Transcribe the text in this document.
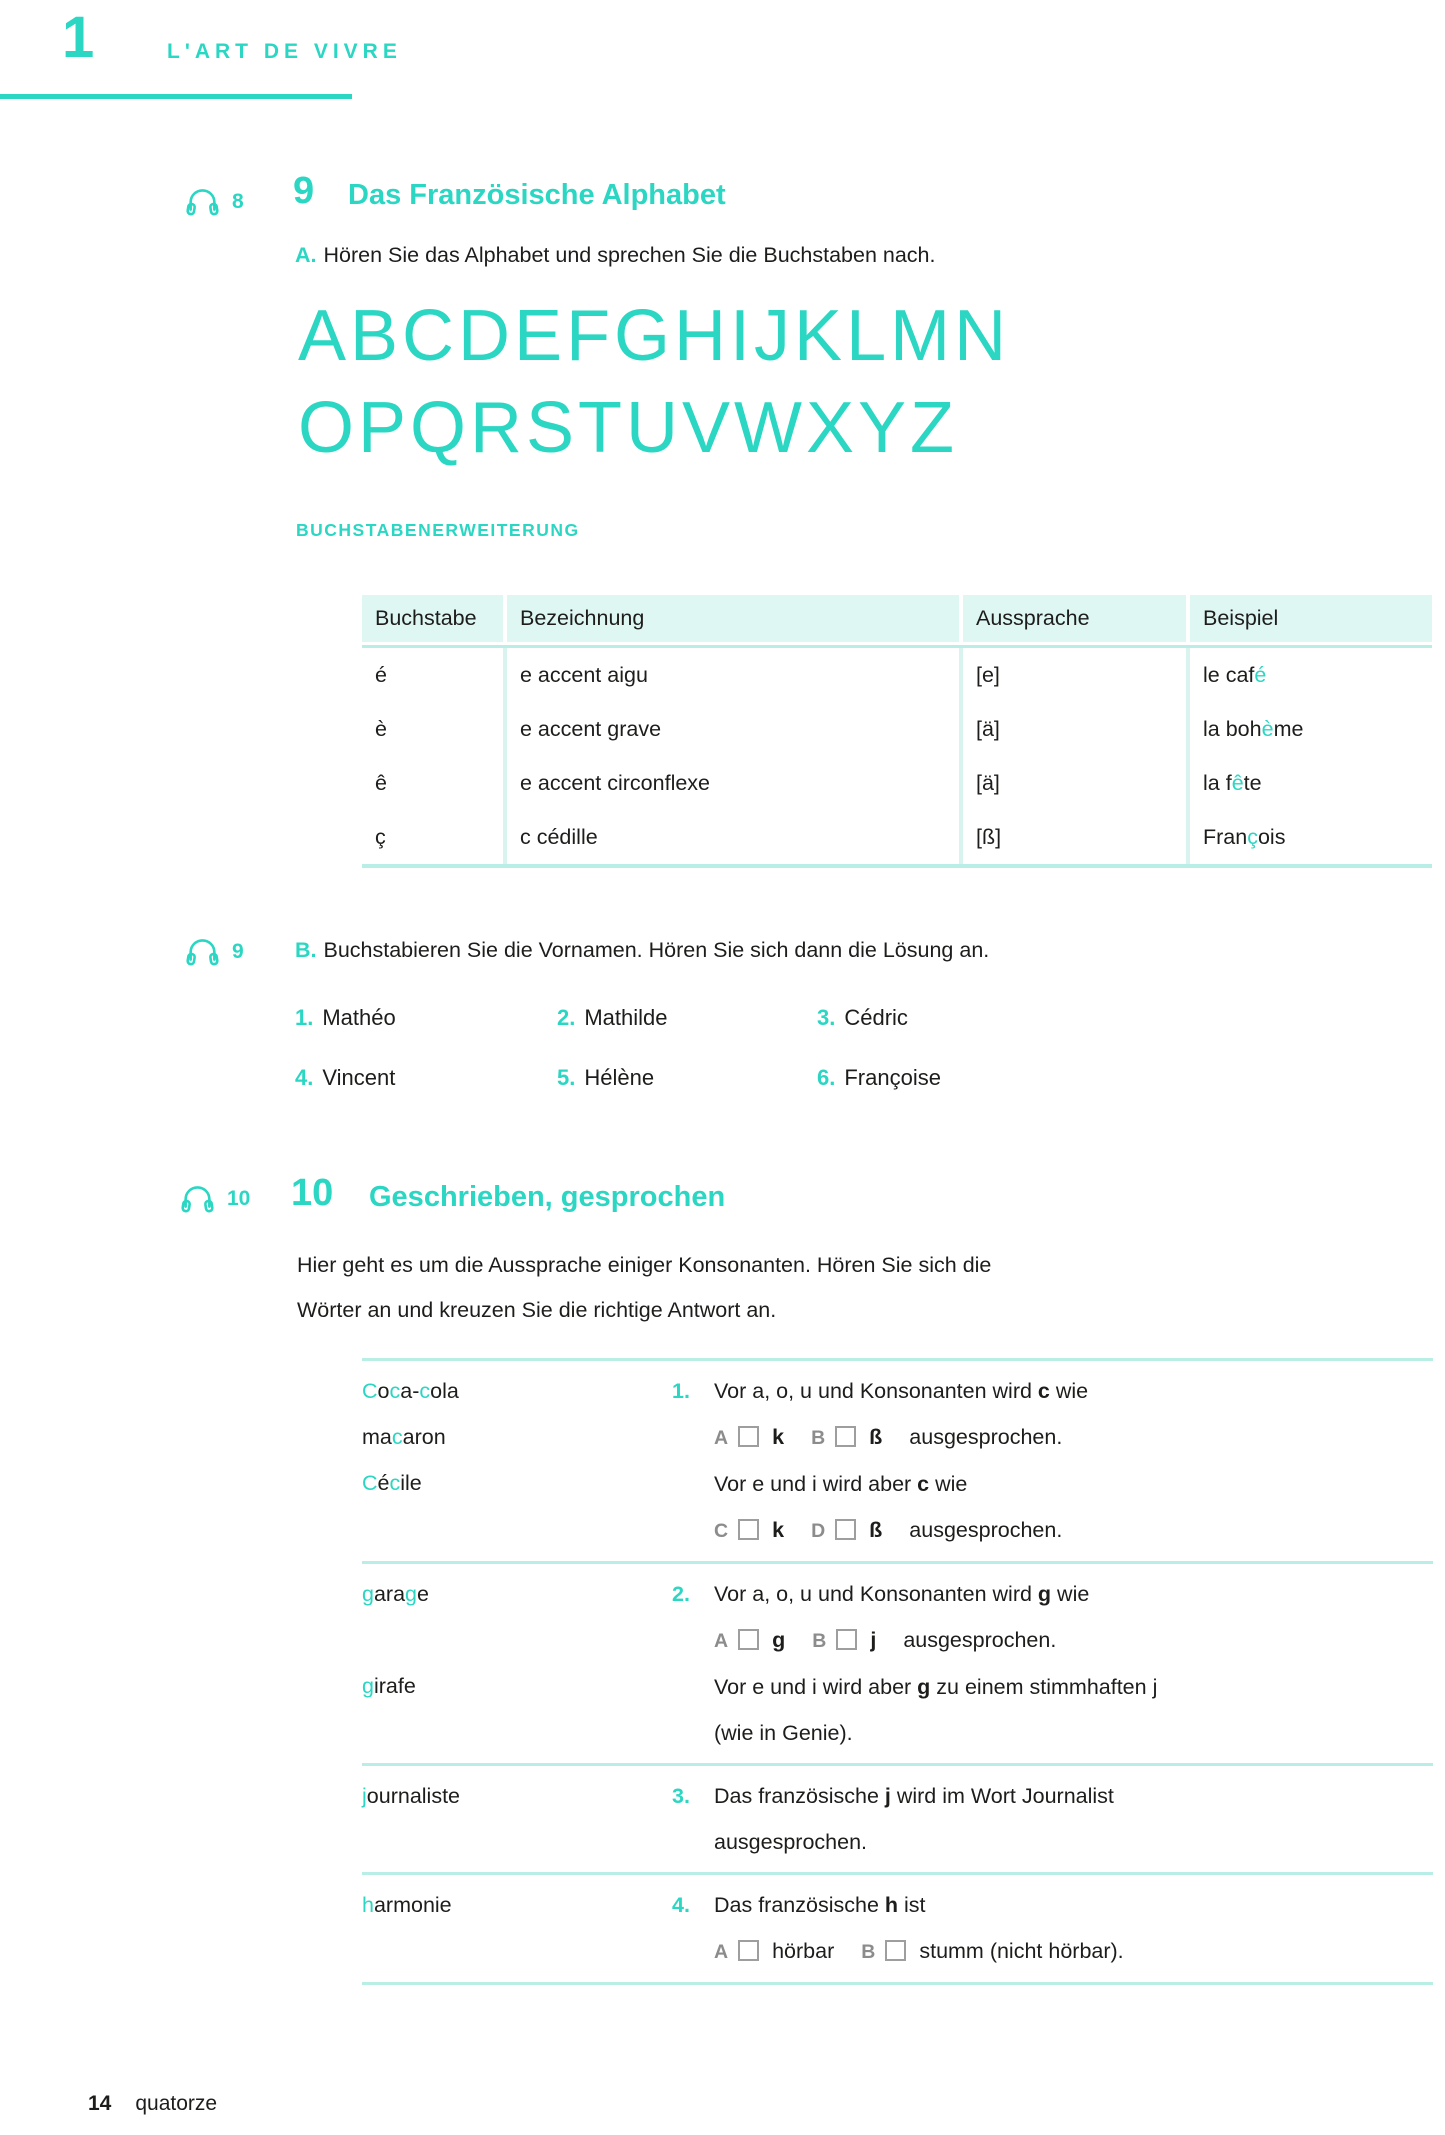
1	L'ART DE VIVRE
8 9 Das Französische Alphabet

A. Hören Sie das Alphabet und sprechen Sie die Buchstaben nach.

ABCDEFGHIJKLMN
OPQRSTUVWXYZ
BUCHSTABENERWEITERUNG
Buchstabe	Bezeichnung	Aussprache	Beispiel
é	e accent aigu	[e]	le caf é
è	e accent grave	[ä]	la boh è me
ê	e accent circonflexe	[ä]	la f ê te
ç	c cédille	[ß]	Fran ç ois
9 B. Buchstabieren Sie die Vornamen. Hören Sie sich dann die Lösung an.

1. Mathéo	2. Mathilde	3. Cédric
4. Vincent	5. Hélène	6. Françoise
10 10 Geschrieben, gesprochen

Hier geht es um die Aussprache einiger Konsonanten. Hören Sie sich die
Wörter an und kreuzen Sie die richtige Antwort an.

Coca-cola
macaron
Cécile
1.	Vor a, o, u und Konsonanten wird c wie
A k B ß ausgesprochen.
Vor e und i wird aber c wie
C k D ß ausgesprochen.
garage

girafe
2.	Vor a, o, u und Konsonanten wird g wie
A g B j ausgesprochen.
Vor e und i wird aber g zu einem stimmhaften j
(wie in Genie).
journaliste	3.	Das französische j wird im Wort Journalist
ausgesprochen.
harmonie	4.	Das französische h ist
A hörbar B stumm (nicht hörbar).
14 quatorze
